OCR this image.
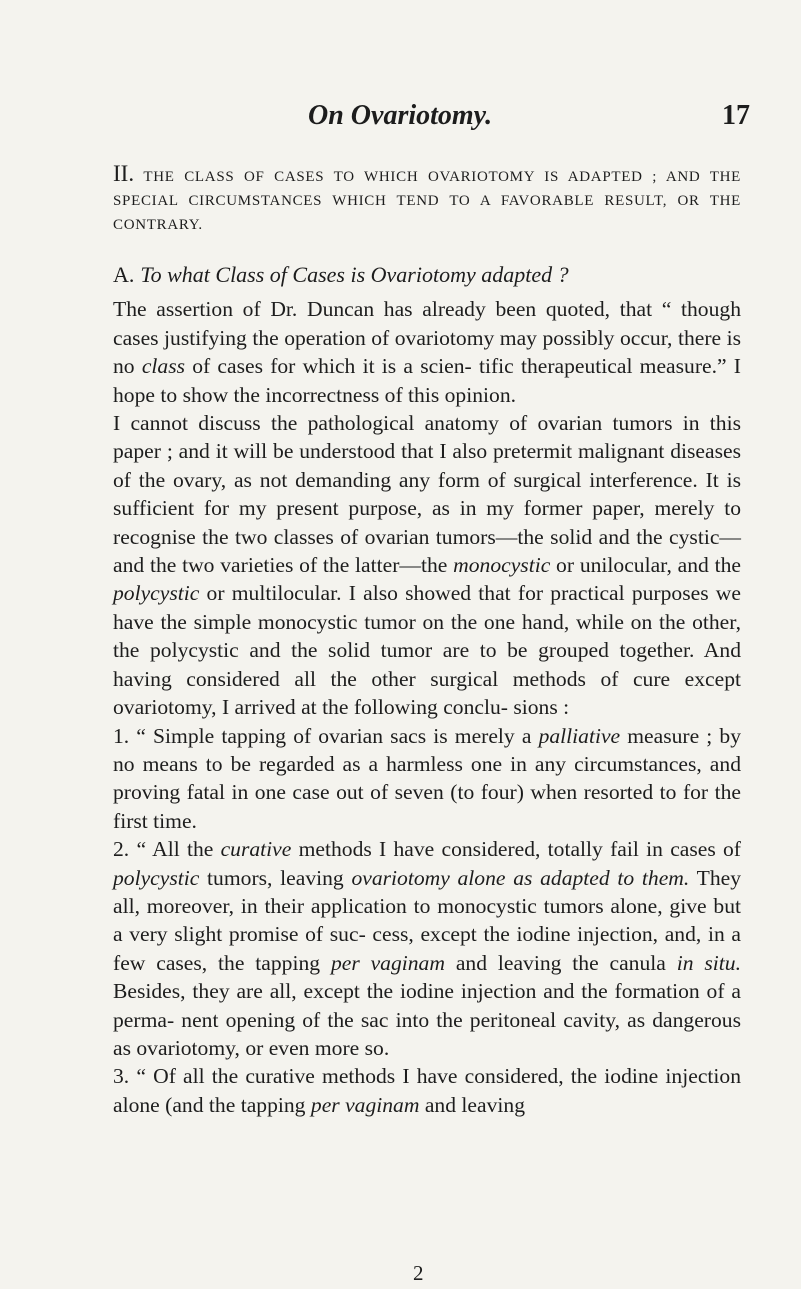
On Ovariotomy.	17
II. THE CLASS OF CASES TO WHICH OVARIOTOMY IS ADAPTED ; AND THE SPECIAL CIRCUMSTANCES WHICH TEND TO A FAVORABLE RESULT, OR THE CONTRARY.
A. To what Class of Cases is Ovariotomy adapted ?

The assertion of Dr. Duncan has already been quoted, that “ though cases justifying the operation of ovariotomy may possibly occur, there is no class of cases for which it is a scien- tific therapeutical measure.” I hope to show the incorrectness of this opinion.

I cannot discuss the pathological anatomy of ovarian tumors in this paper ; and it will be understood that I also pretermit malignant diseases of the ovary, as not demanding any form of surgical interference. It is sufficient for my present purpose, as in my former paper, merely to recognise the two classes of ovarian tumors—the solid and the cystic—and the two varieties of the latter—the monocystic or unilocular, and the polycystic or multilocular. I also showed that for practical purposes we have the simple monocystic tumor on the one hand, while on the other, the polycystic and the solid tumor are to be grouped together. And having considered all the other surgical methods of cure except ovariotomy, I arrived at the following conclu- sions :

1. “ Simple tapping of ovarian sacs is merely a palliative measure ; by no means to be regarded as a harmless one in any circumstances, and proving fatal in one case out of seven (to four) when resorted to for the first time.

2. “ All the curative methods I have considered, totally fail in cases of polycystic tumors, leaving ovariotomy alone as adapted to them. They all, moreover, in their application to monocystic tumors alone, give but a very slight promise of suc- cess, except the iodine injection, and, in a few cases, the tapping per vaginam and leaving the canula in situ. Besides, they are all, except the iodine injection and the formation of a perma- nent opening of the sac into the peritoneal cavity, as dangerous as ovariotomy, or even more so.

3. “ Of all the curative methods I have considered, the iodine injection alone (and the tapping per vaginam and leaving

2
